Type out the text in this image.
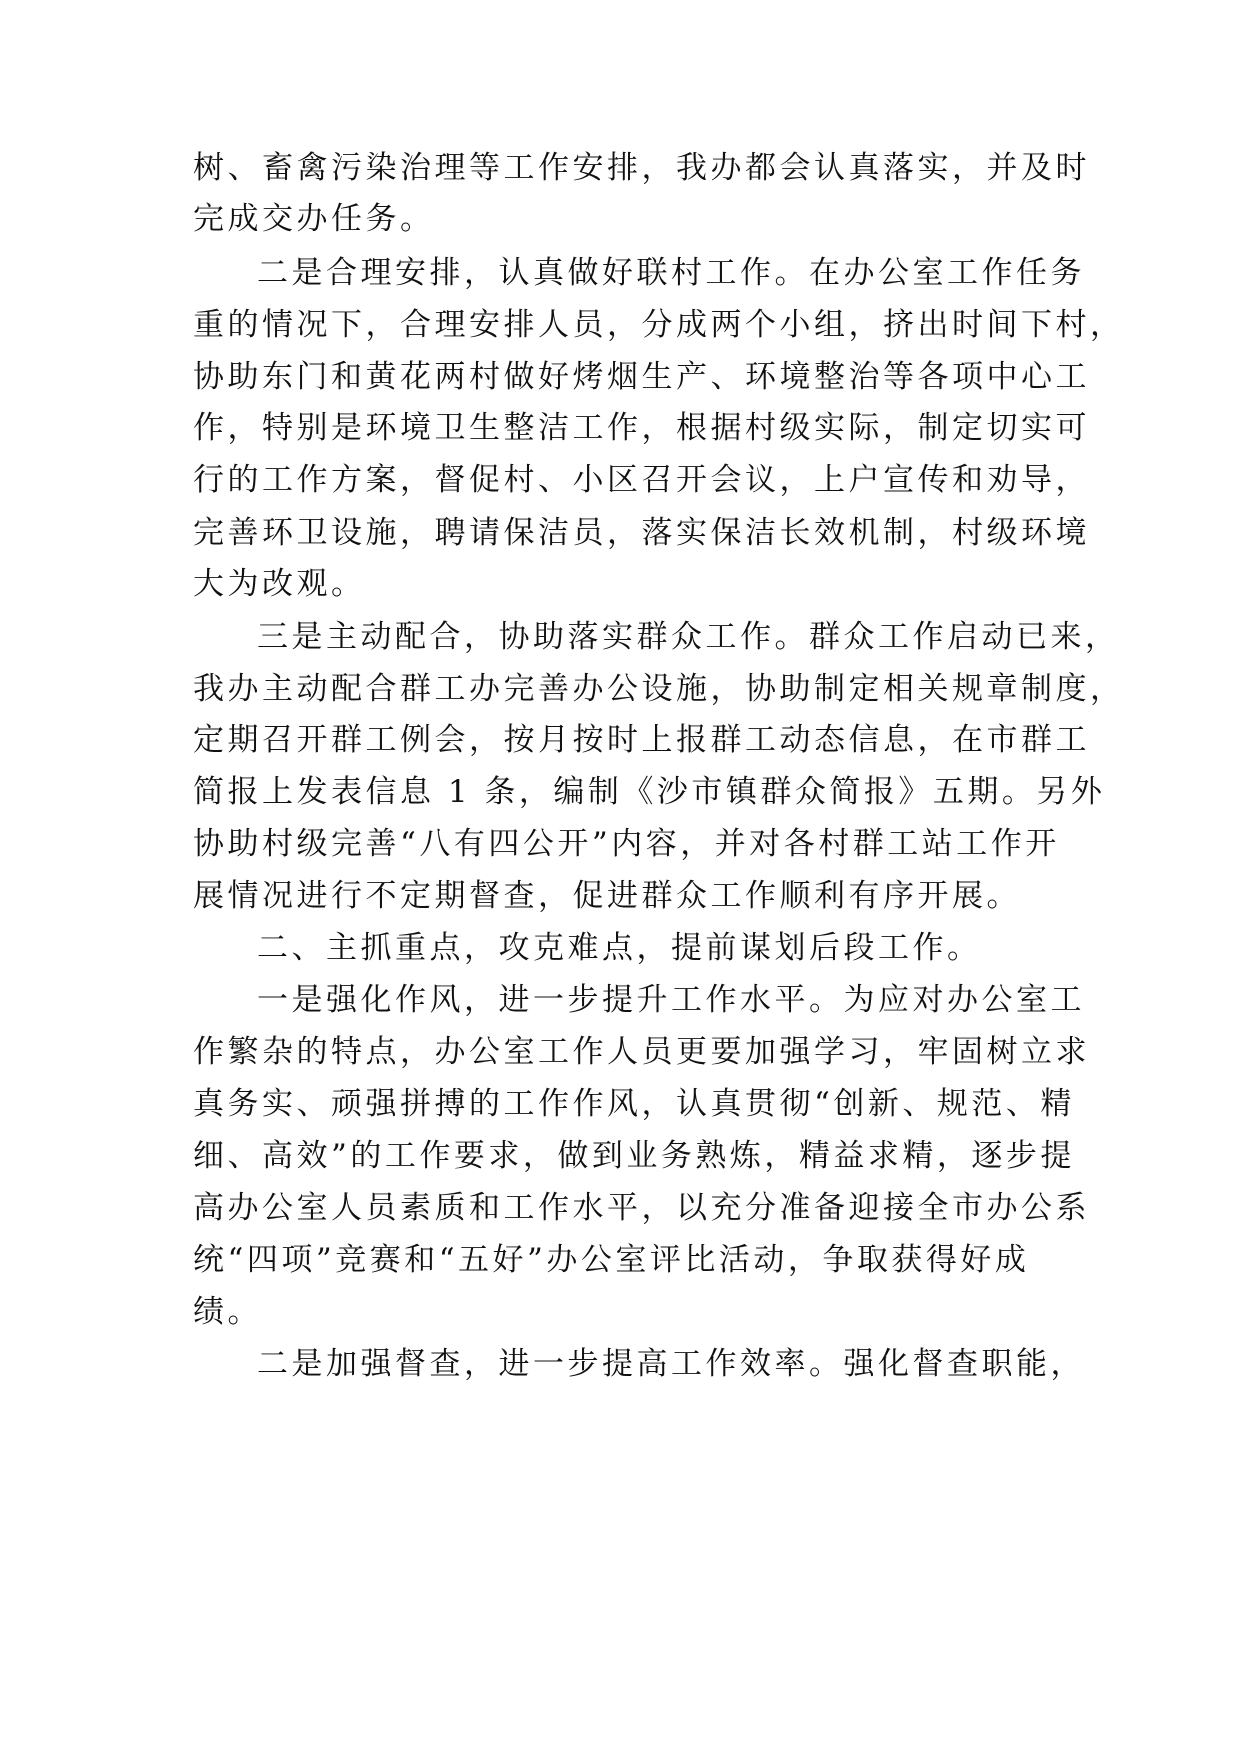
树、畜禽污染治理等工作安排，我办都会认真落实，并及时
完成交办任务。
二是合理安排，认真做好联村工作。在办公室工作任务
重的情况下，合理安排人员，分成两个小组，挤出时间下村，
协助东门和黄花两村做好烤烟生产、环境整治等各项中心工
作，特别是环境卫生整洁工作，根据村级实际，制定切实可
行的工作方案，督促村、小区召开会议，上户宣传和劝导，
完善环卫设施，聘请保洁员，落实保洁长效机制，村级环境
大为改观。
三是主动配合，协助落实群众工作。群众工作启动已来，
我办主动配合群工办完善办公设施，协助制定相关规章制度，
定期召开群工例会，按月按时上报群工动态信息，在市群工
简报上发表信息 1 条，编制《沙市镇群众简报》五期。另外
协助村级完善“八有四公开”内容，并对各村群工站工作开
展情况进行不定期督查，促进群众工作顺利有序开展。
二、主抓重点，攻克难点，提前谋划后段工作。
一是强化作风，进一步提升工作水平。为应对办公室工
作繁杂的特点，办公室工作人员更要加强学习，牢固树立求
真务实、顽强拼搏的工作作风，认真贯彻“创新、规范、精
细、高效”的工作要求，做到业务熟炼，精益求精，逐步提
高办公室人员素质和工作水平，以充分准备迎接全市办公系
统“四项”竞赛和“五好”办公室评比活动，争取获得好成
绩。
二是加强督查，进一步提高工作效率。强化督查职能，
